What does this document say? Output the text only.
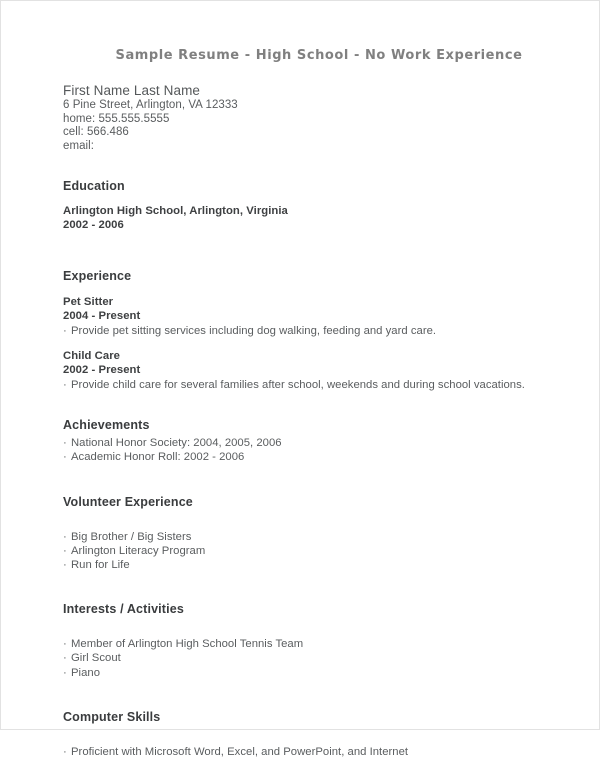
Sample Resume - High School - No Work Experience
First Name Last Name
6 Pine Street, Arlington, VA 12333
home: 555.555.5555
cell: 566.486
email:
Education
Arlington High School, Arlington, Virginia
2002 - 2006
Experience
Pet Sitter
2004 - Present
· Provide pet sitting services including dog walking, feeding and yard care.
Child Care
2002 - Present
· Provide child care for several families after school, weekends and during school vacations.
Achievements
· National Honor Society: 2004, 2005, 2006
· Academic Honor Roll: 2002 - 2006
Volunteer Experience
· Big Brother / Big Sisters
· Arlington Literacy Program
· Run for Life
Interests / Activities
· Member of Arlington High School Tennis Team
· Girl Scout
· Piano
Computer Skills
· Proficient with Microsoft Word, Excel, and PowerPoint, and Internet
